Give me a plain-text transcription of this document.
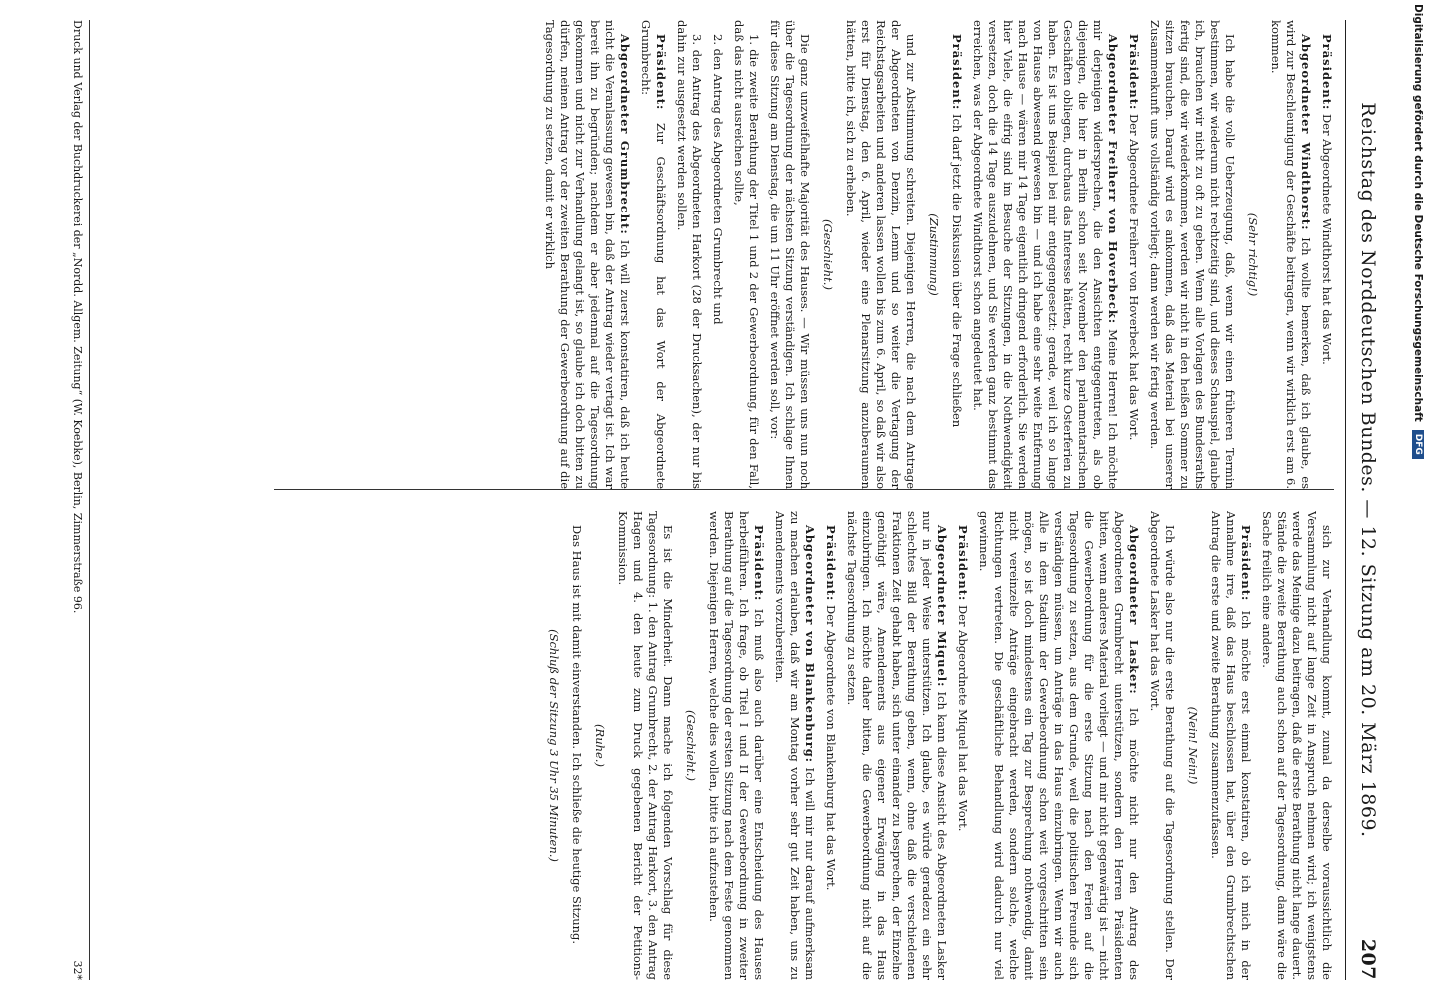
Reichstag des Norddeutschen Bundes. — 12. Sitzung am 20. März 1869.
207

Präsident: Der Abgeordnete Windthorst hat das Wort.

Abgeordneter Windthorst: Ich wollte bemerken, daß ich glaube, es wird zur Beschleunigung der Geschäfte beitragen, wenn wir wirklich erst am 6. kommen.

(Sehr richtig!)

Ich habe die volle Ueberzeugung, daß, wenn wir einen früheren Termin bestimmen, wir wiederum nicht rechtzeitig sind, und dieses Schauspiel, glaube ich, brauchen wir nicht zu oft zu geben. Wenn alle Vorlagen des Bundesraths fertig sind, die wir wiederkommen, werden wir nicht in den heißen Sommer zu sitzen brauchen. Darauf wird es ankommen, daß das Material bei unserer Zusammenkunft uns vollständig vorliegt; dann werden wir fertig werden.

Präsident: Der Abgeordnete Freiherr von Hoverbeck hat das Wort.

Abgeordneter Freiherr von Hoverbeck: Meine Herren! Ich möchte mir derjenigen widersprechen, die den Ansichten entgegentreten, als ob diejenigen, die hier in Berlin schon seit November den parlamentarischen Geschäften obliegen, durchaus das Interesse hätten, recht kurze Osterferien zu haben. Es ist uns Beispiel bei mir entgegengesetzt: gerade, weil ich so lange von Hause abwesend gewesen bin — und ich habe eine sehr weite Entfernung nach Hause — wären mir 14 Tage eigentlich dringend erforderlich. Sie werden hier Viele, die eifrig sind im Besuche der Sitzungen, in die Nothwendigkeit versetzen, doch die 14 Tage auszudehnen, und Sie werden ganz bestimmt das erreichen, was der Abgeordnete Windthorst schon angedeutet hat.

Präsident: Ich darf jetzt die Diskussion über die Frage schließen

(Zustimmung)

und zur Abstimmung schreiten. Diejenigen Herren, die nach dem Antrage der Abgeordneten von Denzin, Lemm und so weiter die Vertagung der Reichstagsarbeiten und anderen lassen wollen bis zum 6. April, so daß wir also erst für Dienstag, den 6. April, wieder eine Plenarsitzung anzuberaumen hätten, bitte ich, sich zu erheben.

(Geschieht.)

Die ganz unzweifelhafte Majorität des Hauses. — Wir müssen uns nun noch über die Tagesordnung der nächsten Sitzung verständigen. Ich schlage Ihnen für diese Sitzung am Dienstag, die um 11 Uhr eröffnet werden soll, vor:

1. die zweite Berathung der Titel 1 und 2 der Gewerbeordnung, für den Fall, daß das nicht ausreichen sollte,

2. den Antrag des Abgeordneten Grumbrecht und

3. den Antrag des Abgeordneten Harkort (28 der Drucksachen), der nur bis dahin zur ausgesetzt werden sollen.

Präsident: Zur Geschäftsordnung hat das Wort der Abgeordnete Grumbrecht:

Abgeordneter Grumbrecht: Ich will zuerst konstatiren, daß ich heute nicht die Veranlassung gewesen bin, daß der Antrag wieder vertagt ist. Ich war bereit ihn zu begründen; nachdem er aber jedenmal auf die Tagesordnung gekommen und nicht zur Verhandlung gelangt ist, so glaube ich doch bitten zu dürfen, meinen Antrag vor der zweiten Berathung der Gewerbeordnung auf die Tagesordnung zu setzen, damit er wirklich

sich zur Verhandlung kommt, zumal da derselbe voraussichtlich die Versammlung nicht auf lange Zeit in Anspruch nehmen wird; ich wenigstens werde das Meinige dazu beitragen, daß die erste Berathung nicht lange dauert. Stände die zweite Berathung auch schon auf der Tagesordnung, dann wäre die Sache freilich eine andere.

Präsident: Ich möchte erst einmal konstatiren, ob ich mich in der Annahme irre, daß das Haus beschlossen hat, über den Grumbrechtschen Antrag die erste und zweite Berathung zusammenzufassen.

(Nein! Nein!)

Ich würde also nur die erste Berathung auf die Tagesordnung stellen. Der Abgeordnete Lasker hat das Wort.

Abgeordneter Lasker: Ich möchte nicht nur den Antrag des Abgeordneten Grumbrecht unterstützen, sondern den Herren Präsidenten bitten, wenn anderes Material vorliegt — und mir nicht gegenwärtig ist — nicht die Gewerbeordnung für die erste Sitzung nach den Ferien auf die Tagesordnung zu setzen, aus dem Grunde, weil die politischen Freunde sich verständigen müssen, um Anträge in das Haus einzubringen. Wenn wir auch Alle in dem Stadium der Gewerbeordnung schon weit vorgeschritten sein mögen, so ist doch mindestens ein Tag zur Besprechung nothwendig, damit nicht vereinzelte Anträge eingebracht werden, sondern solche, welche Richtungen vertreten. Die geschäftliche Behandlung wird dadurch nur viel gewinnen.

Präsident: Der Abgeordnete Miquel hat das Wort.

Abgeordneter Miquel: Ich kann diese Ansicht des Abgeordneten Lasker nur in jeder Weise unterstützen. Ich glaube, es würde geradezu ein sehr schlechtes Bild der Berathung geben, wenn, ohne daß die verschiedenen Fraktionen Zeit gehabt haben, sich unter einander zu besprechen, der Einzelne genöthigt wäre, Amendements aus eigener Erwägung in das Haus einzubringen. Ich möchte daher bitten, die Gewerbeordnung nicht auf die nächste Tagesordnung zu setzen.

Präsident: Der Abgeordnete von Blankenburg hat das Wort.

Abgeordneter von Blankenburg: Ich will mir nur darauf aufmerksam zu machen erlauben, daß wir am Montag vorher sehr gut Zeit haben, uns zu Amendements vorzubereiten.

Präsident: Ich muß also auch darüber eine Entscheidung des Hauses herbeiführen. Ich frage, ob Titel I und II der Gewerbeordnung in zweiter Berathung auf die Tagesordnung der ersten Sitzung nach dem Feste genommen werden. Diejenigen Herren, welche dies wollen, bitte ich aufzustehen.

(Geschieht.)

Es ist die Minderheit. Dann mache ich folgenden Vorschlag für diese Tagesordnung: 1. den Antrag Grumbrecht, 2. der Antrag Harkort, 3. den Antrag Hagen und 4. den heute zum Druck gegebenen Bericht der Petitions-Kommission.

(Ruhe.)

Das Haus ist mit damit einverstanden. Ich schließe die heutige Sitzung.

(Schluß der Sitzung 3 Uhr 35 Minuten.)

Druck und Verlag der Buchdruckerei der „Nordd. Allgem. Zeitung“ (W. Koebke), Berlin, Zimmerstraße 96.
32*
Digitalisierung gefördert durch die Deutsche Forschungsgemeinschaft
DFG
